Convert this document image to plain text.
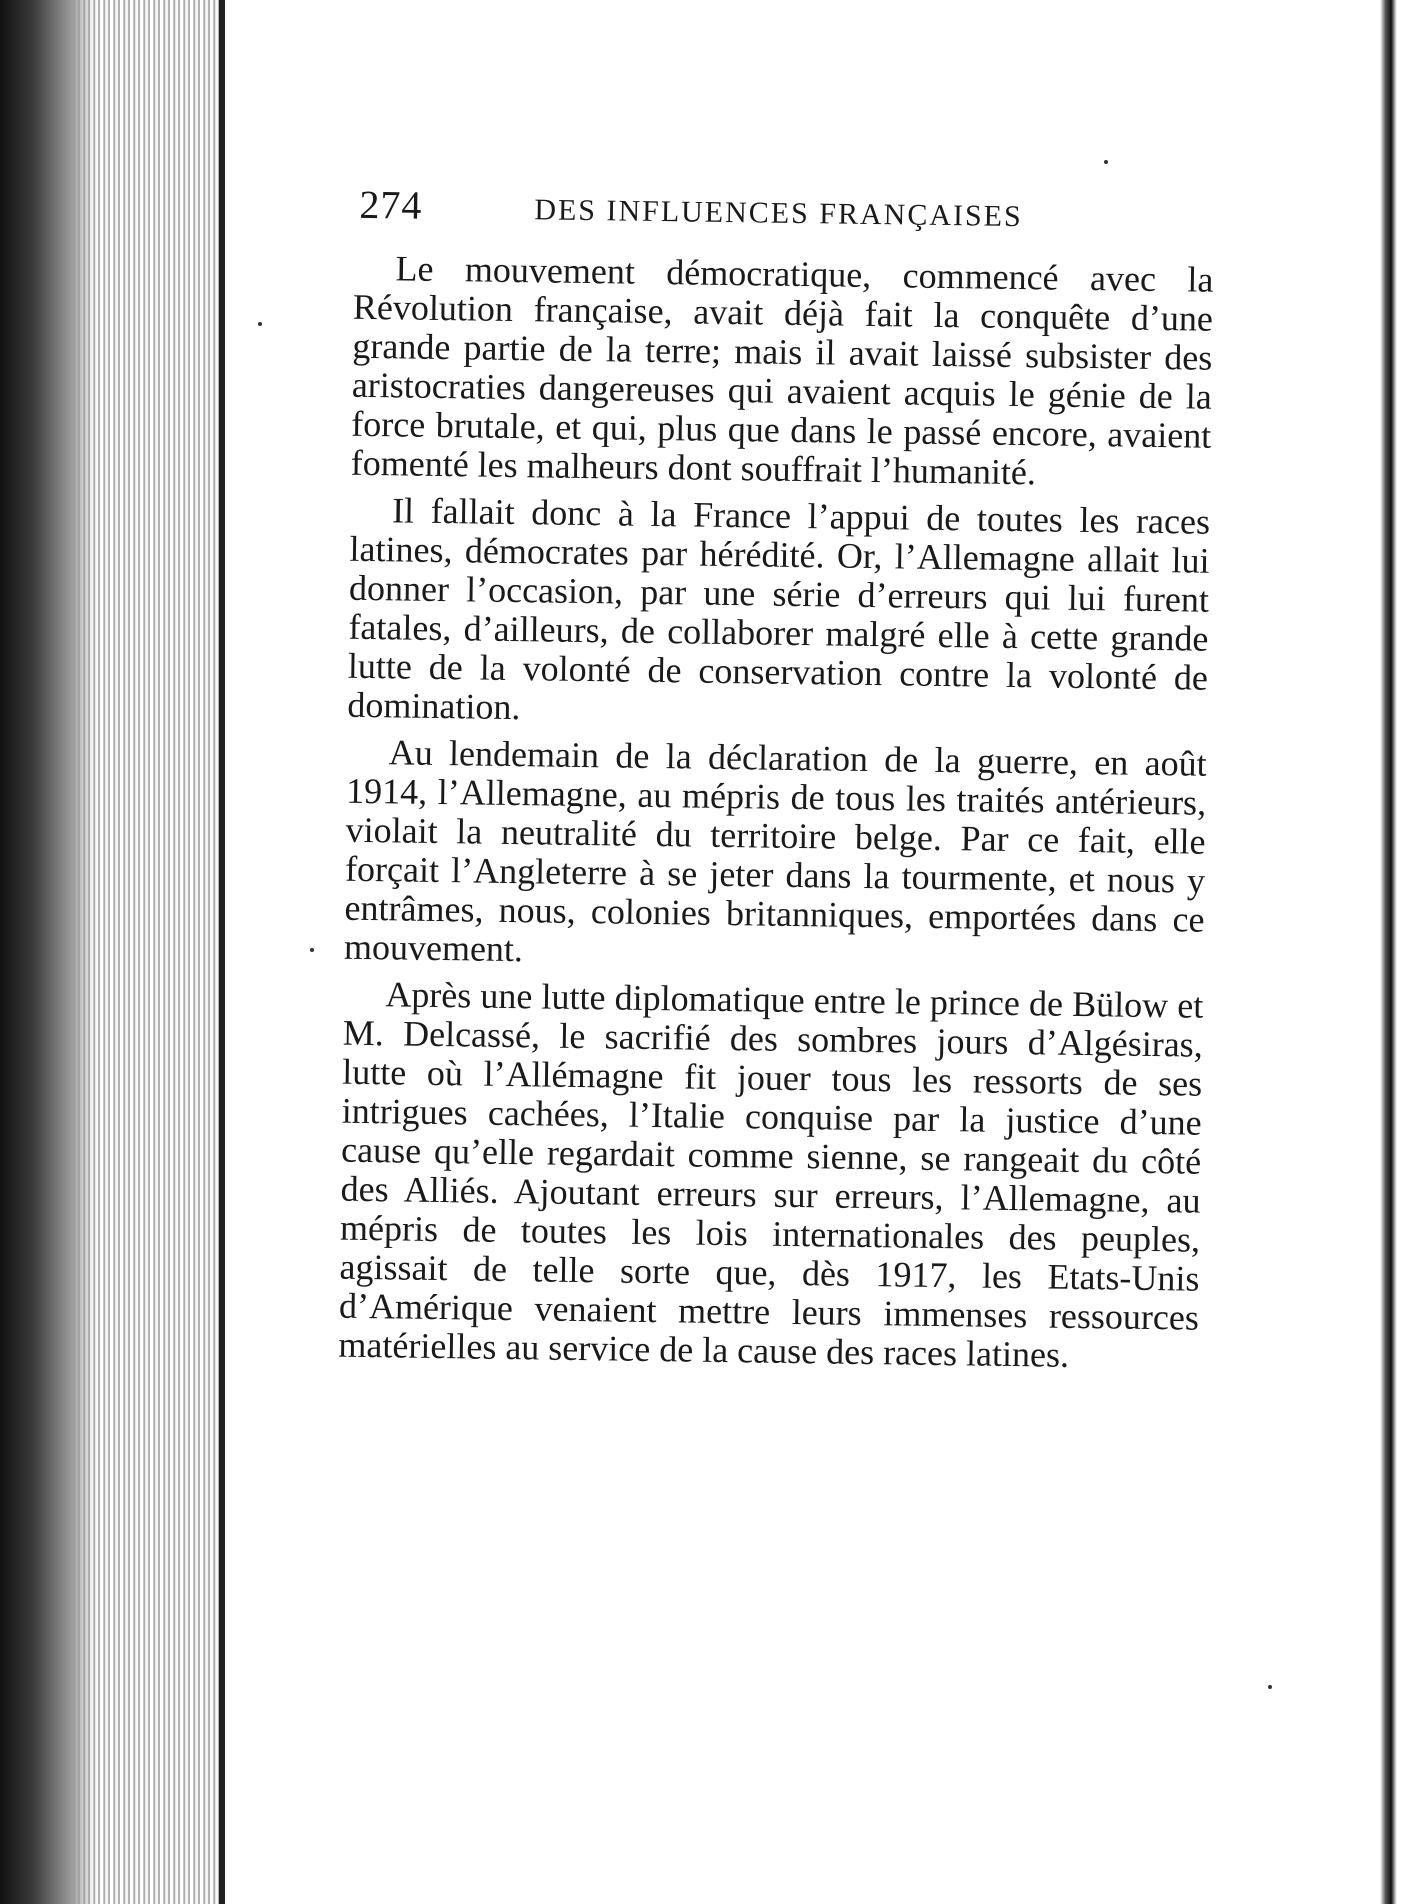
274	DES INFLUENCES FRANÇAISES

Le mouvement démocratique, commencé avec la Révolution française, avait déjà fait la conquête d’une grande partie de la terre; mais il avait laissé subsister des aristocraties dangereuses qui avaient acquis le génie de la force brutale, et qui, plus que dans le passé encore, avaient fomenté les malheurs dont souffrait l’humanité.

Il fallait donc à la France l’appui de toutes les races latines, démocrates par hérédité. Or, l’Allemagne allait lui donner l’occasion, par une série d’erreurs qui lui furent fatales, d’ailleurs, de collaborer malgré elle à cette grande lutte de la volonté de conservation contre la volonté de domination.

Au lendemain de la déclaration de la guerre, en août 1914, l’Allemagne, au mépris de tous les traités antérieurs, violait la neutralité du territoire belge. Par ce fait, elle forçait l’Angleterre à se jeter dans la tourmente, et nous y entrâmes, nous, colonies britanniques, emportées dans ce mouvement.

Après une lutte diplomatique entre le prince de Bülow et M. Delcassé, le sacrifié des sombres jours d’Algésiras, lutte où l’Allémagne fit jouer tous les ressorts de ses intrigues cachées, l’Italie conquise par la justice d’une cause qu’elle regardait comme sienne, se rangeait du côté des Alliés. Ajoutant erreurs sur erreurs, l’Allemagne, au mépris de toutes les lois internationales des peuples, agissait de telle sorte que, dès 1917, les Etats-Unis d’Amérique venaient mettre leurs immenses ressources matérielles au service de la cause des races latines.
